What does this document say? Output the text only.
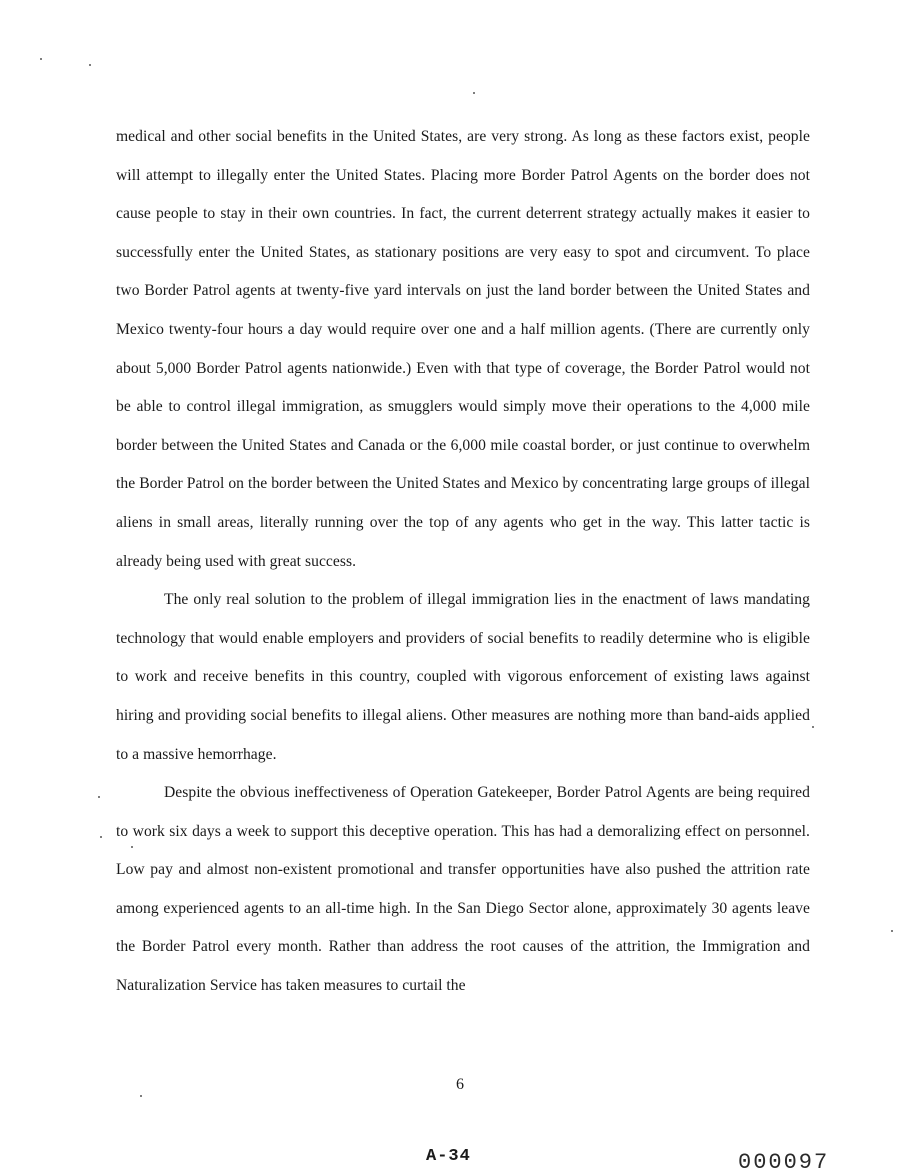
medical and other social benefits in the United States, are very strong. As long as these factors exist, people will attempt to illegally enter the United States. Placing more Border Patrol Agents on the border does not cause people to stay in their own countries. In fact, the current deterrent strategy actually makes it easier to successfully enter the United States, as stationary positions are very easy to spot and circumvent. To place two Border Patrol agents at twenty-five yard intervals on just the land border between the United States and Mexico twenty-four hours a day would require over one and a half million agents. (There are currently only about 5,000 Border Patrol agents nationwide.) Even with that type of coverage, the Border Patrol would not be able to control illegal immigration, as smugglers would simply move their operations to the 4,000 mile border between the United States and Canada or the 6,000 mile coastal border, or just continue to overwhelm the Border Patrol on the border between the United States and Mexico by concentrating large groups of illegal aliens in small areas, literally running over the top of any agents who get in the way. This latter tactic is already being used with great success.

The only real solution to the problem of illegal immigration lies in the enactment of laws mandating technology that would enable employers and providers of social benefits to readily determine who is eligible to work and receive benefits in this country, coupled with vigorous enforcement of existing laws against hiring and providing social benefits to illegal aliens. Other measures are nothing more than band-aids applied to a massive hemorrhage.

Despite the obvious ineffectiveness of Operation Gatekeeper, Border Patrol Agents are being required to work six days a week to support this deceptive operation. This has had a demoralizing effect on personnel. Low pay and almost non-existent promotional and transfer opportunities have also pushed the attrition rate among experienced agents to an all-time high. In the San Diego Sector alone, approximately 30 agents leave the Border Patrol every month. Rather than address the root causes of the attrition, the Immigration and Naturalization Service has taken measures to curtail the

6
A-34	000097
